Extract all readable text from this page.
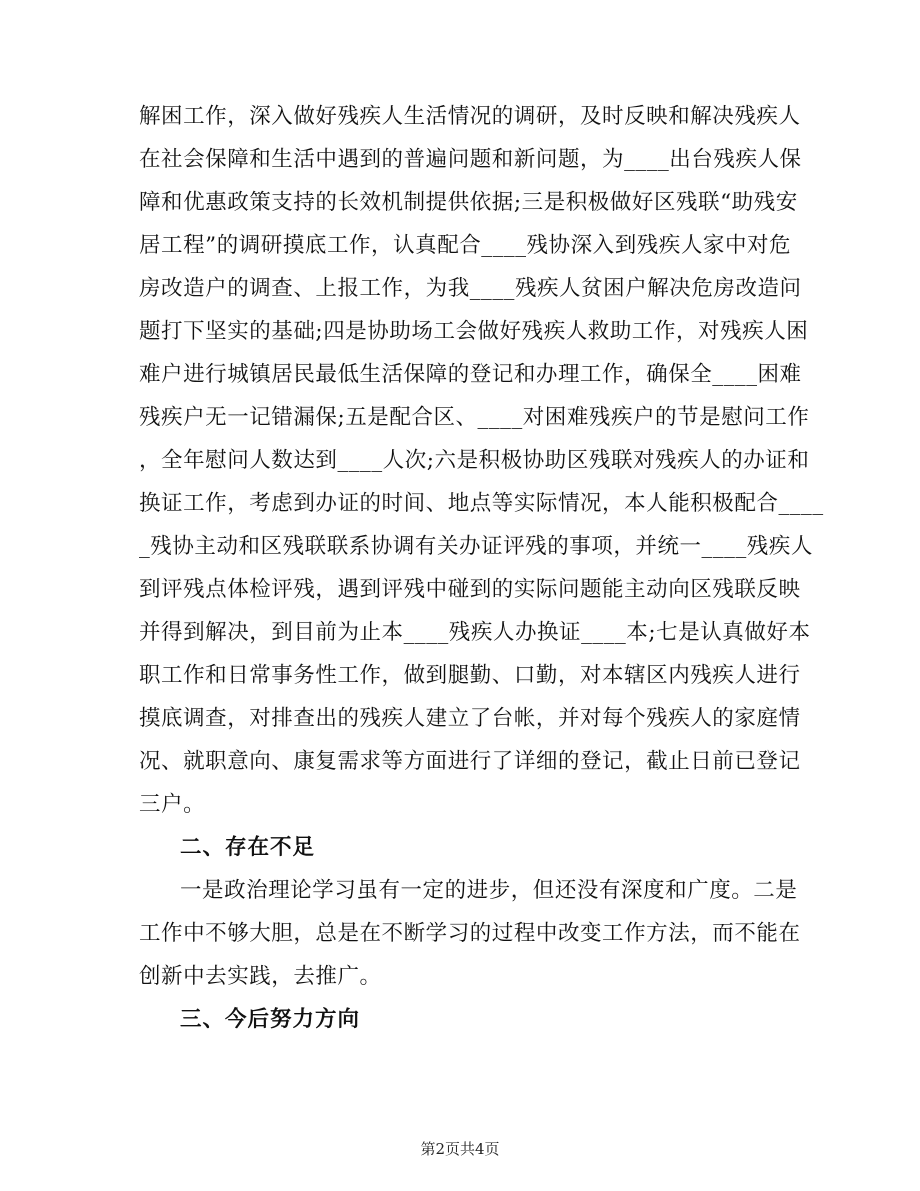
解困工作，深入做好残疾人生活情况的调研，及时反映和解决残疾人
在社会保障和生活中遇到的普遍问题和新问题，为____出台残疾人保
障和优惠政策支持的长效机制提供依据;三是积极做好区残联“助残安
居工程”的调研摸底工作，认真配合____残协深入到残疾人家中对危
房改造户的调查、上报工作，为我____残疾人贫困户解决危房改造问
题打下坚实的基础;四是协助场工会做好残疾人救助工作，对残疾人困
难户进行城镇居民最低生活保障的登记和办理工作，确保全____困难
残疾户无一记错漏保;五是配合区、____对困难残疾户的节是慰问工作
，全年慰问人数达到____人次;六是积极协助区残联对残疾人的办证和
换证工作，考虑到办证的时间、地点等实际情况，本人能积极配合____
_残协主动和区残联联系协调有关办证评残的事项，并统一____残疾人
到评残点体检评残，遇到评残中碰到的实际问题能主动向区残联反映
并得到解决，到目前为止本____残疾人办换证____本;七是认真做好本
职工作和日常事务性工作，做到腿勤、口勤，对本辖区内残疾人进行
摸底调查，对排查出的残疾人建立了台帐，并对每个残疾人的家庭情
况、就职意向、康复需求等方面进行了详细的登记，截止日前已登记
三户。
二、存在不足
一是政治理论学习虽有一定的进步，但还没有深度和广度。二是
工作中不够大胆，总是在不断学习的过程中改变工作方法，而不能在
创新中去实践，去推广。
三、今后努力方向
第2页共4页
